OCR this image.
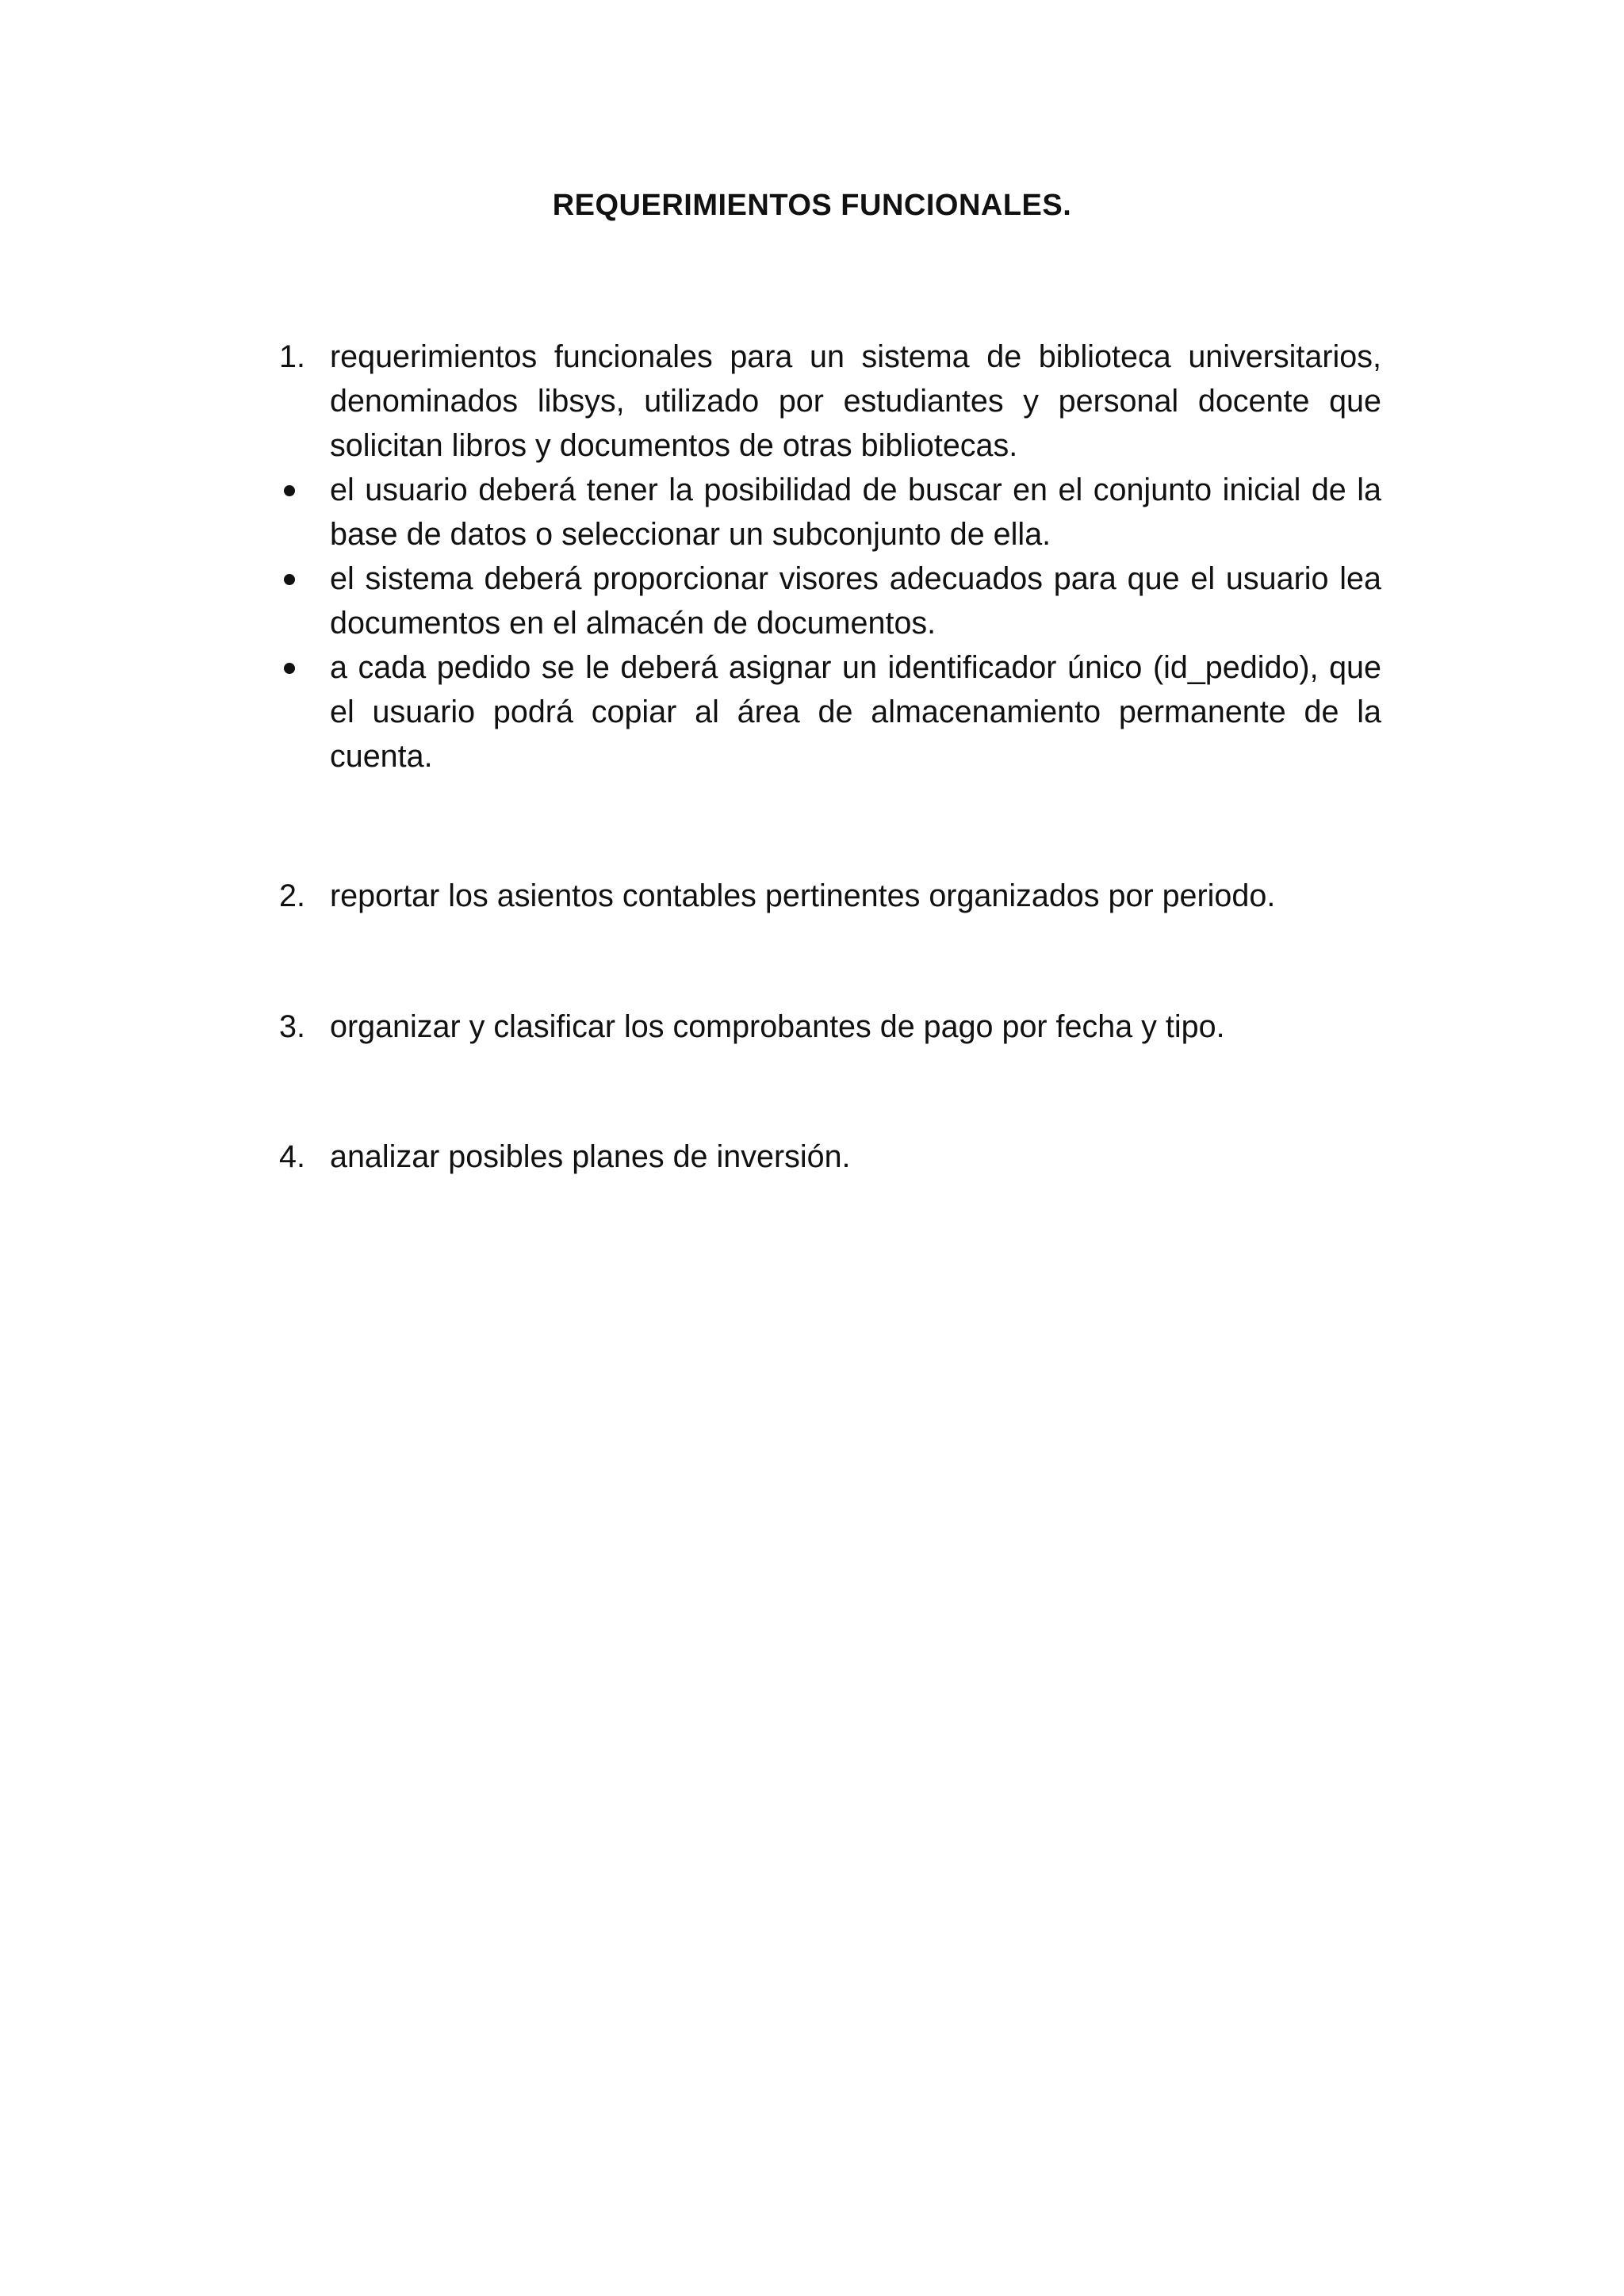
REQUERIMIENTOS FUNCIONALES.
1. requerimientos funcionales para un sistema de biblioteca universitarios, denominados libsys, utilizado por estudiantes y personal docente que solicitan libros y documentos de otras bibliotecas.
el usuario deberá tener la posibilidad de buscar en el conjunto inicial de la base de datos o seleccionar un subconjunto de ella.
el sistema deberá proporcionar visores adecuados para que el usuario lea documentos en el almacén de documentos.
a cada pedido se le deberá asignar un identificador único (id_pedido), que el usuario podrá copiar al área de almacenamiento permanente de la cuenta.
2. reportar los asientos contables pertinentes organizados por periodo.
3. organizar y clasificar los comprobantes de pago por fecha y tipo.
4. analizar posibles planes de inversión.
